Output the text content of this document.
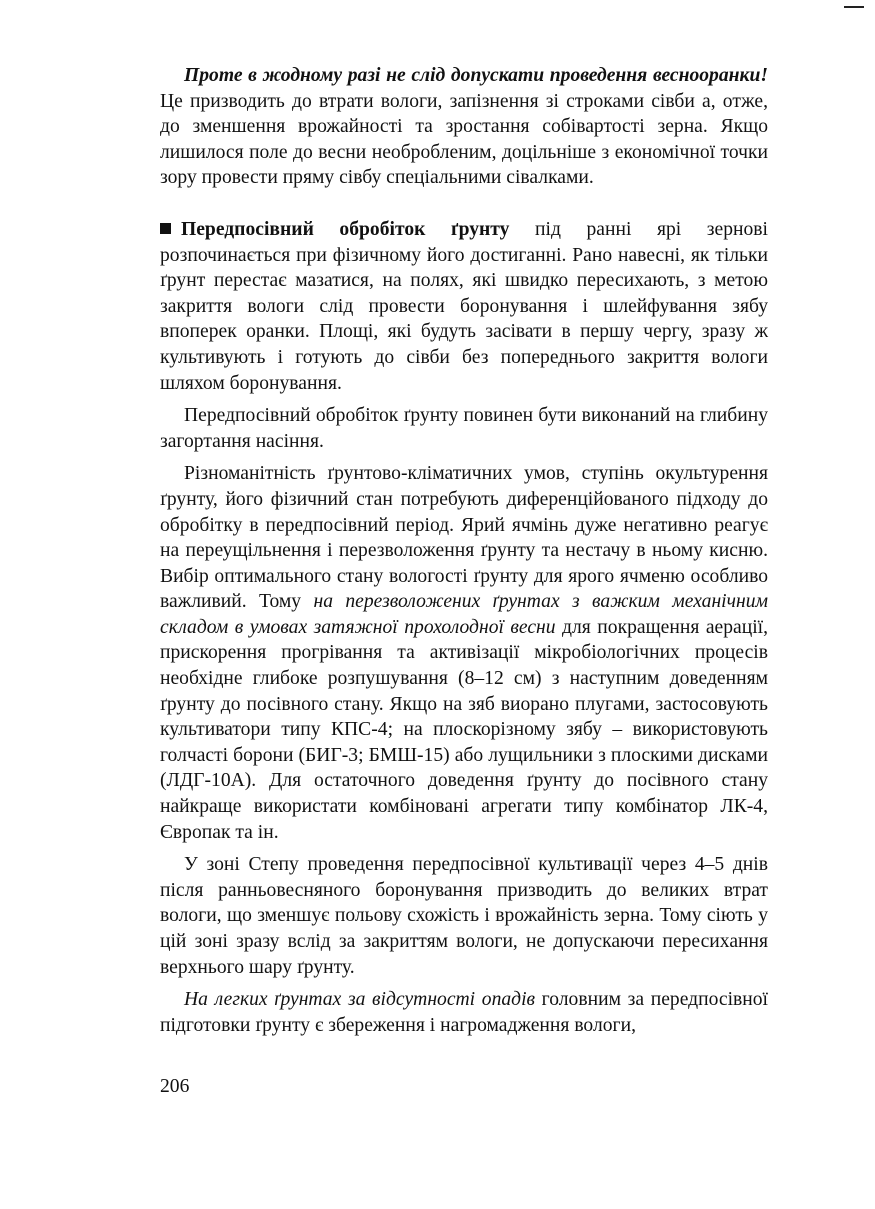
Проте в жодному разі не слід допускати проведення веснооранки! Це призводить до втрати вологи, запізнення зі строками сівби а, отже, до зменшення врожайності та зростання собівартості зерна. Якщо лишилося поле до весни необробленим, доцільніше з економічної точки зору провести пряму сівбу спеціальними сівалками.

Передпосівний обробіток ґрунту під ранні ярі зернові розпочинається при фізичному його достиганні. Рано навесні, як тільки ґрунт перестає мазатися, на полях, які швидко пересихають, з метою закриття вологи слід провести боронування і шлейфування зябу впоперек оранки. Площі, які будуть засівати в першу чергу, зразу ж культивують і готують до сівби без попереднього закриття вологи шляхом боронування.

Передпосівний обробіток ґрунту повинен бути виконаний на глибину загортання насіння.

Різноманітність ґрунтово-кліматичних умов, ступінь окультурення ґрунту, його фізичний стан потребують диференційованого підходу до обробітку в передпосівний період. Ярий ячмінь дуже негативно реагує на переущільнення і перезволоження ґрунту та нестачу в ньому кисню. Вибір оптимального стану вологості ґрунту для ярого ячменю особливо важливий. Тому на перезволожених ґрунтах з важким механічним складом в умовах затяжної прохолодної весни для покращення аерації, прискорення прогрівання та активізації мікробіологічних процесів необхідне глибоке розпушування (8–12 см) з наступним доведенням ґрунту до посівного стану. Якщо на зяб виорано плугами, застосовують культиватори типу КПС-4; на плоскорізному зябу – використовують голчасті борони (БИГ-3; БМШ-15) або лущильники з плоскими дисками (ЛДГ-10А). Для остаточного доведення ґрунту до посівного стану найкраще використати комбіновані агрегати типу комбінатор ЛК-4, Європак та ін.

У зоні Степу проведення передпосівної культивації через 4–5 днів після ранньовесняного боронування призводить до великих втрат вологи, що зменшує польову схожість і врожайність зерна. Тому сіють у цій зоні зразу вслід за закриттям вологи, не допускаючи пересихання верхнього шару ґрунту.

На легких ґрунтах за відсутності опадів головним за передпосівної підготовки ґрунту є збереження і нагромадження вологи,

206
